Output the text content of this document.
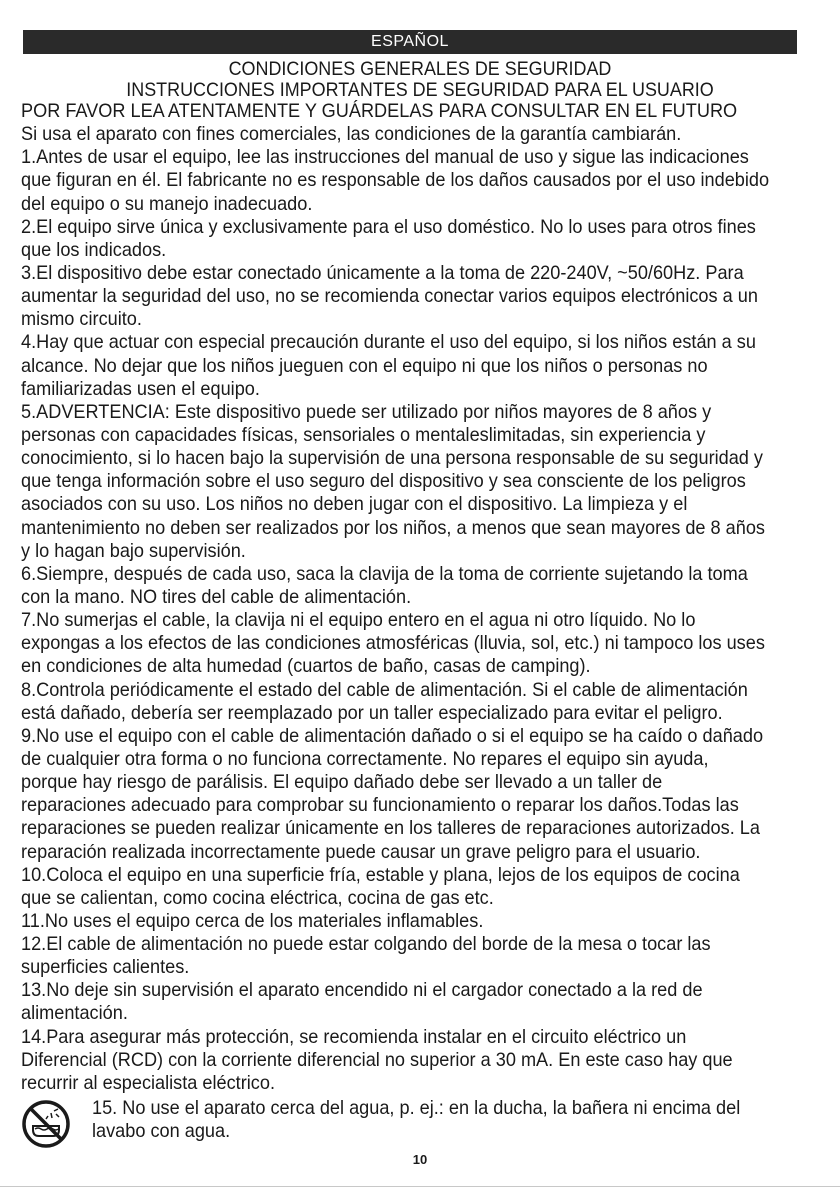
ESPAÑOL
CONDICIONES GENERALES DE SEGURIDAD
INSTRUCCIONES IMPORTANTES DE SEGURIDAD PARA EL USUARIO
POR FAVOR LEA ATENTAMENTE Y GUÁRDELAS PARA CONSULTAR EN EL FUTURO
Si usa el aparato con fines comerciales, las condiciones de la garantía cambiarán.
1.Antes de usar el equipo, lee las instrucciones del manual de uso y sigue las indicaciones
que figuran en él. El fabricante no es responsable de los daños causados por el uso indebido
del equipo o su manejo inadecuado.
2.El equipo sirve única y exclusivamente para el uso doméstico. No lo uses para otros fines
que los indicados.
3.El dispositivo debe estar conectado únicamente a la toma de 220-240V, ~50/60Hz. Para
aumentar la seguridad del uso, no se recomienda conectar varios equipos electrónicos a un
mismo circuito.
4.Hay que actuar con especial precaución durante el uso del equipo, si los niños están a su
alcance. No dejar que los niños jueguen con el equipo ni que los niños o personas no
familiarizadas usen el equipo.
5.ADVERTENCIA: Este dispositivo puede ser utilizado por niños mayores de 8 años y
personas con capacidades físicas, sensoriales o mentaleslimitadas, sin experiencia y
conocimiento, si lo hacen bajo la supervisión de una persona responsable de su seguridad y
que tenga información sobre el uso seguro del dispositivo y sea consciente de los peligros
asociados con su uso. Los niños no deben jugar con el dispositivo. La limpieza y el
mantenimiento no deben ser realizados por los niños, a menos que sean mayores de 8 años
y lo hagan bajo supervisión.
6.Siempre, después de cada uso, saca la clavija de la toma de corriente sujetando la toma
con la mano. NO tires del cable de alimentación.
7.No sumerjas el cable, la clavija ni el equipo entero en el agua ni otro líquido. No lo
expongas a los efectos de las condiciones atmosféricas (lluvia, sol, etc.) ni tampoco los uses
en condiciones de alta humedad (cuartos de baño, casas de camping).
8.Controla periódicamente el estado del cable de alimentación. Si el cable de alimentación
está dañado, debería ser reemplazado por un taller especializado para evitar el peligro.
9.No use el equipo con el cable de alimentación dañado o si el equipo se ha caído o dañado
de cualquier otra forma o no funciona correctamente. No repares el equipo sin ayuda,
porque hay riesgo de parálisis. El equipo dañado debe ser llevado a un taller de
reparaciones adecuado para comprobar su funcionamiento o reparar los daños.Todas las
reparaciones se pueden realizar únicamente en los talleres de reparaciones autorizados. La
reparación realizada incorrectamente puede causar un grave peligro para el usuario.
10.Coloca el equipo en una superficie fría, estable y plana, lejos de los equipos de cocina
que se calientan, como cocina eléctrica, cocina de gas etc.
11.No uses el equipo cerca de los materiales inflamables.
12.El cable de alimentación no puede estar colgando del borde de la mesa o tocar las
superficies calientes.
13.No deje sin supervisión el aparato encendido ni el cargador conectado a la red de
alimentación.
14.Para asegurar más protección, se recomienda instalar en el circuito eléctrico un
Diferencial (RCD) con la corriente diferencial no superior a 30 mA. En este caso hay que
recurrir al especialista eléctrico.
15. No use el aparato cerca del agua, p. ej.: en la ducha, la bañera ni encima del
lavabo con agua.
10
